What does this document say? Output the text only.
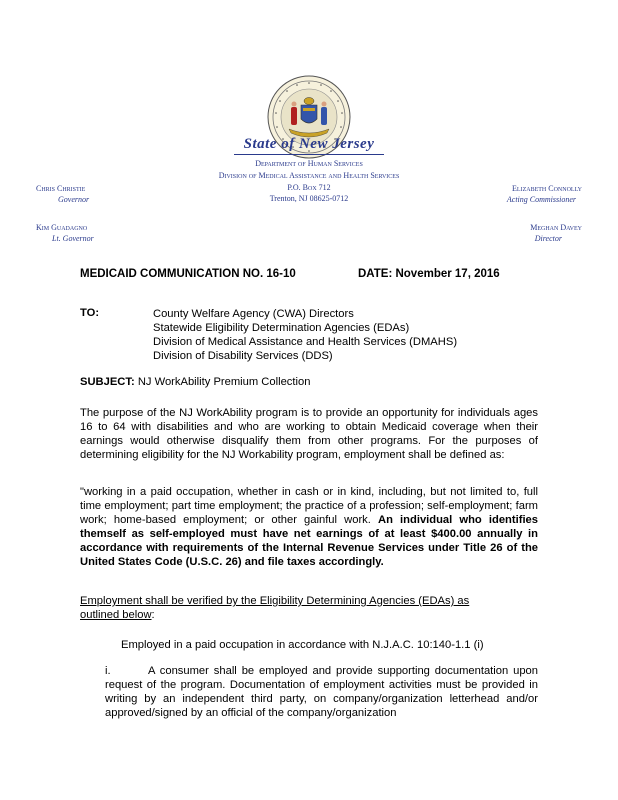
State of New Jersey
Department of Human Services
Division of Medical Assistance and Health Services
P.O. Box 712
Trenton, NJ 08625-0712
Chris Christie
Governor
Kim Guadagno
Lt. Governor
Elizabeth Connolly
Acting Commissioner
Meghan Davey
Director
MEDICAID COMMUNICATION NO. 16-10	DATE: November 17, 2016
TO:	County Welfare Agency (CWA) Directors
Statewide Eligibility Determination Agencies (EDAs)
Division of Medical Assistance and Health Services (DMAHS)
Division of Disability Services (DDS)
SUBJECT: NJ WorkAbility Premium Collection
The purpose of the NJ WorkAbility program is to provide an opportunity for individuals ages 16 to 64 with disabilities and who are working to obtain Medicaid coverage when their earnings would otherwise disqualify them from other programs. For the purposes of determining eligibility for the NJ Workability program, employment shall be defined as:
"working in a paid occupation, whether in cash or in kind, including, but not limited to, full time employment; part time employment; the practice of a profession; self-employment; farm work; home-based employment; or other gainful work. An individual who identifies themself as self-employed must have net earnings of at least $400.00 annually in accordance with requirements of the Internal Revenue Services under Title 26 of the United States Code (U.S.C. 26) and file taxes accordingly.
Employment shall be verified by the Eligibility Determining Agencies (EDAs) as outlined below:
Employed in a paid occupation in accordance with N.J.A.C. 10:140-1.1 (i)
i.	A consumer shall be employed and provide supporting documentation upon request of the program. Documentation of employment activities must be provided in writing by an independent third party, on company/organization letterhead and/or approved/signed by an official of the company/organization
